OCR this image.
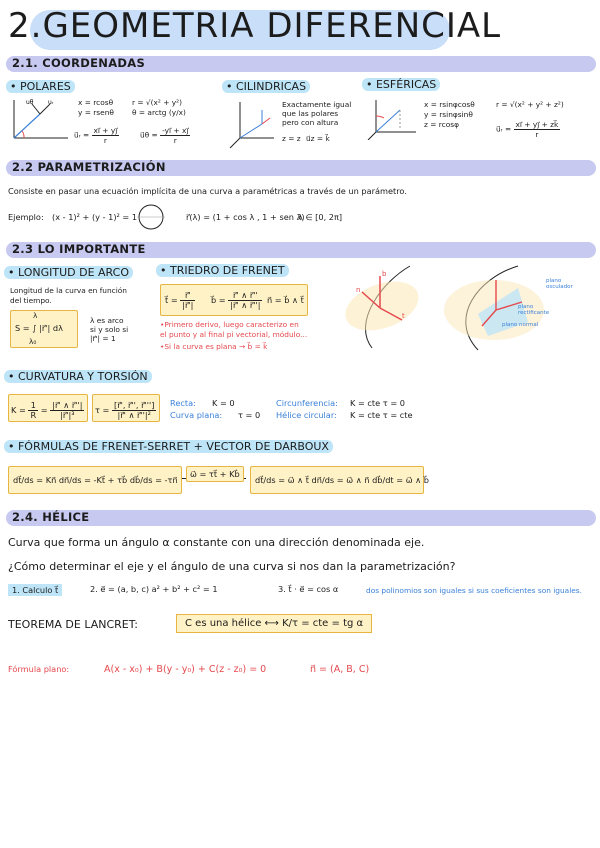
2.GEOMETRIA DIFERENCIAL
2.1. COORDENADAS
• POLARES
uᵣ
uθ	x = rcosθ
y = rsenθ
r = √(x² + y²)
θ = arctg (y/x)
u⃗ᵣ = $\frac{xi⃗ + yj⃗}{r}$	u⃗θ = $\frac{-yi⃗ + xj⃗}{r}$
• CILINDRICAS
Exactamente igual
que las polares
pero con altura
z = z u⃗z = k⃗
• ESFÉRICAS
x = rsinφcosθ
y = rsinφsinθ
z = rcosφ
r = √(x² + y² + z²)
u⃗ᵣ = $\frac{xi⃗ + yj⃗ + zk⃗}{r}$
2.2 PARAMETRIZACIÓN
Consiste en pasar una ecuación implícita de una curva a paramétricas a través de un parámetro.
Ejemplo: (x - 1)² + (y - 1)² = 1	r⃗(λ) = (1 + cos λ , 1 + sen λ)
λ ∈ [0, 2π]
2.3 LO IMPORTANTE
• LONGITUD DE ARCO
Longitud de la curva en función
del tiempo.
S = ∫ |r⃗'| dλ
λ₀
λ
λ es arco
si y solo si
|r⃗'| = 1
• TRIEDRO DE FRENET
t⃗ = $\frac{r⃗'}{|r⃗'|}$ b⃗ = $\frac{r⃗' \wedge r⃗''}{|r⃗' \wedge r⃗''|}$ n⃗ = b⃗ ∧ t⃗
•Primero derivo, luego caracterizo en
el punto y al final pi vectorial, módulo...
•Si la curva es plana → b⃗ = k⃗
b
t
n
plano
osculador
plano rectificante
plano normal
• CURVATURA Y TORSIÓN
$K = \frac{1}{R} = \frac{|r⃗' \wedge r⃗''|}{\text{|r⃗'|³}}$ $\tau = \frac{[r⃗', r⃗'', r⃗''']}{\text{|r⃗' ∧ r⃗''|²}}$ Recta: K = 0
Curva plana: τ = 0
Circunferencia: K = cte τ = 0
Hélice circular: K = cte τ = cte
• FÓRMULAS DE FRENET-SERRET + VECTOR DE DARBOUX
dt⃗/ds = Kn⃗ dn⃗/ds = -Kt⃗ + τb⃗ db⃗/ds = -τn⃗
ω⃗ = τt⃗ + Kb⃗
dt⃗/ds = ω⃗ ∧ t⃗ dn⃗/ds = ω⃗ ∧ n⃗ db⃗/dt = ω⃗ ∧ b⃗
2.4. HÉLICE
Curva que forma un ángulo α constante con una dirección denominada eje.
¿Cómo determinar el eje y el ángulo de una curva si nos dan la parametrización?
1. Calculo t⃗	2. e⃗ = (a, b, c) a² + b² + c² = 1	3. t⃗ · e⃗ = cos α	dos polinomios son iguales si sus coeficientes son iguales.
TEOREMA DE LANCRET:	C es una hélice ⟷ K/τ = cte = tg α
Fórmula plano:	A(x - x₀) + B(y - y₀) + C(z - z₀) = 0	n⃗ = (A, B, C)
